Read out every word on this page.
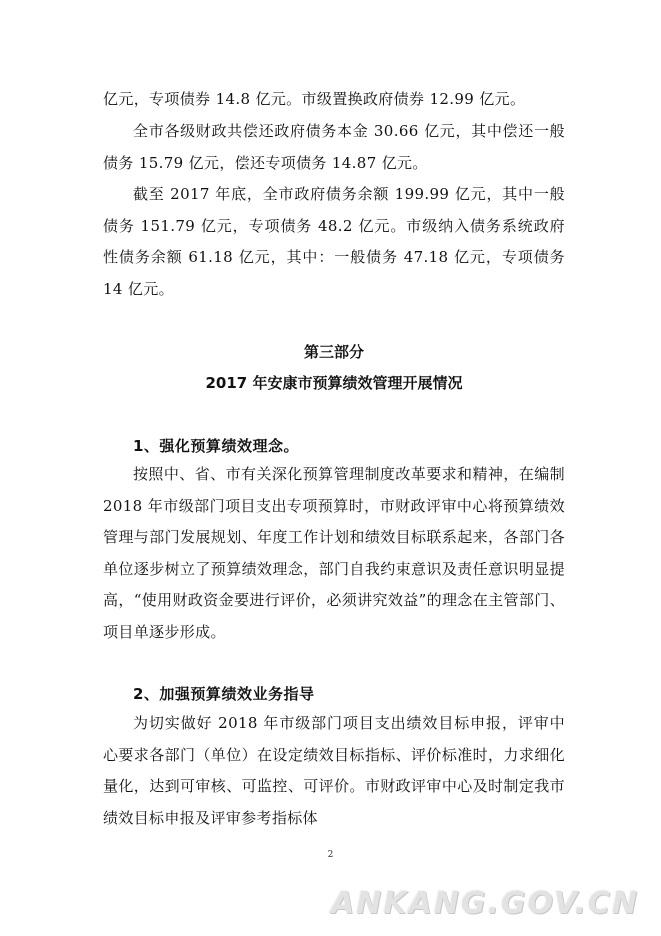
亿元，专项债券 14.8 亿元。市级置换政府债券 12.99 亿元。

全市各级财政共偿还政府债务本金 30.66 亿元，其中偿还一般债务 15.79 亿元，偿还专项债务 14.87 亿元。

截至 2017 年底，全市政府债务余额 199.99 亿元，其中一般债务 151.79 亿元，专项债务 48.2 亿元。市级纳入债务系统政府性债务余额 61.18 亿元，其中：一般债务 47.18 亿元，专项债务 14 亿元。

第三部分
2017 年安康市预算绩效管理开展情况
1、强化预算绩效理念。

按照中、省、市有关深化预算管理制度改革要求和精神，在编制 2018 年市级部门项目支出专项预算时，市财政评审中心将预算绩效管理与部门发展规划、年度工作计划和绩效目标联系起来，各部门各单位逐步树立了预算绩效理念，部门自我约束意识及责任意识明显提高，“使用财政资金要进行评价，必须讲究效益”的理念在主管部门、项目单逐步形成。

2、加强预算绩效业务指导

为切实做好 2018 年市级部门项目支出绩效目标申报，评审中心要求各部门（单位）在设定绩效目标指标、评价标准时，力求细化量化，达到可审核、可监控、可评价。市财政评审中心及时制定我市绩效目标申报及评审参考指标体

2
ANKANG.GOV.CN
